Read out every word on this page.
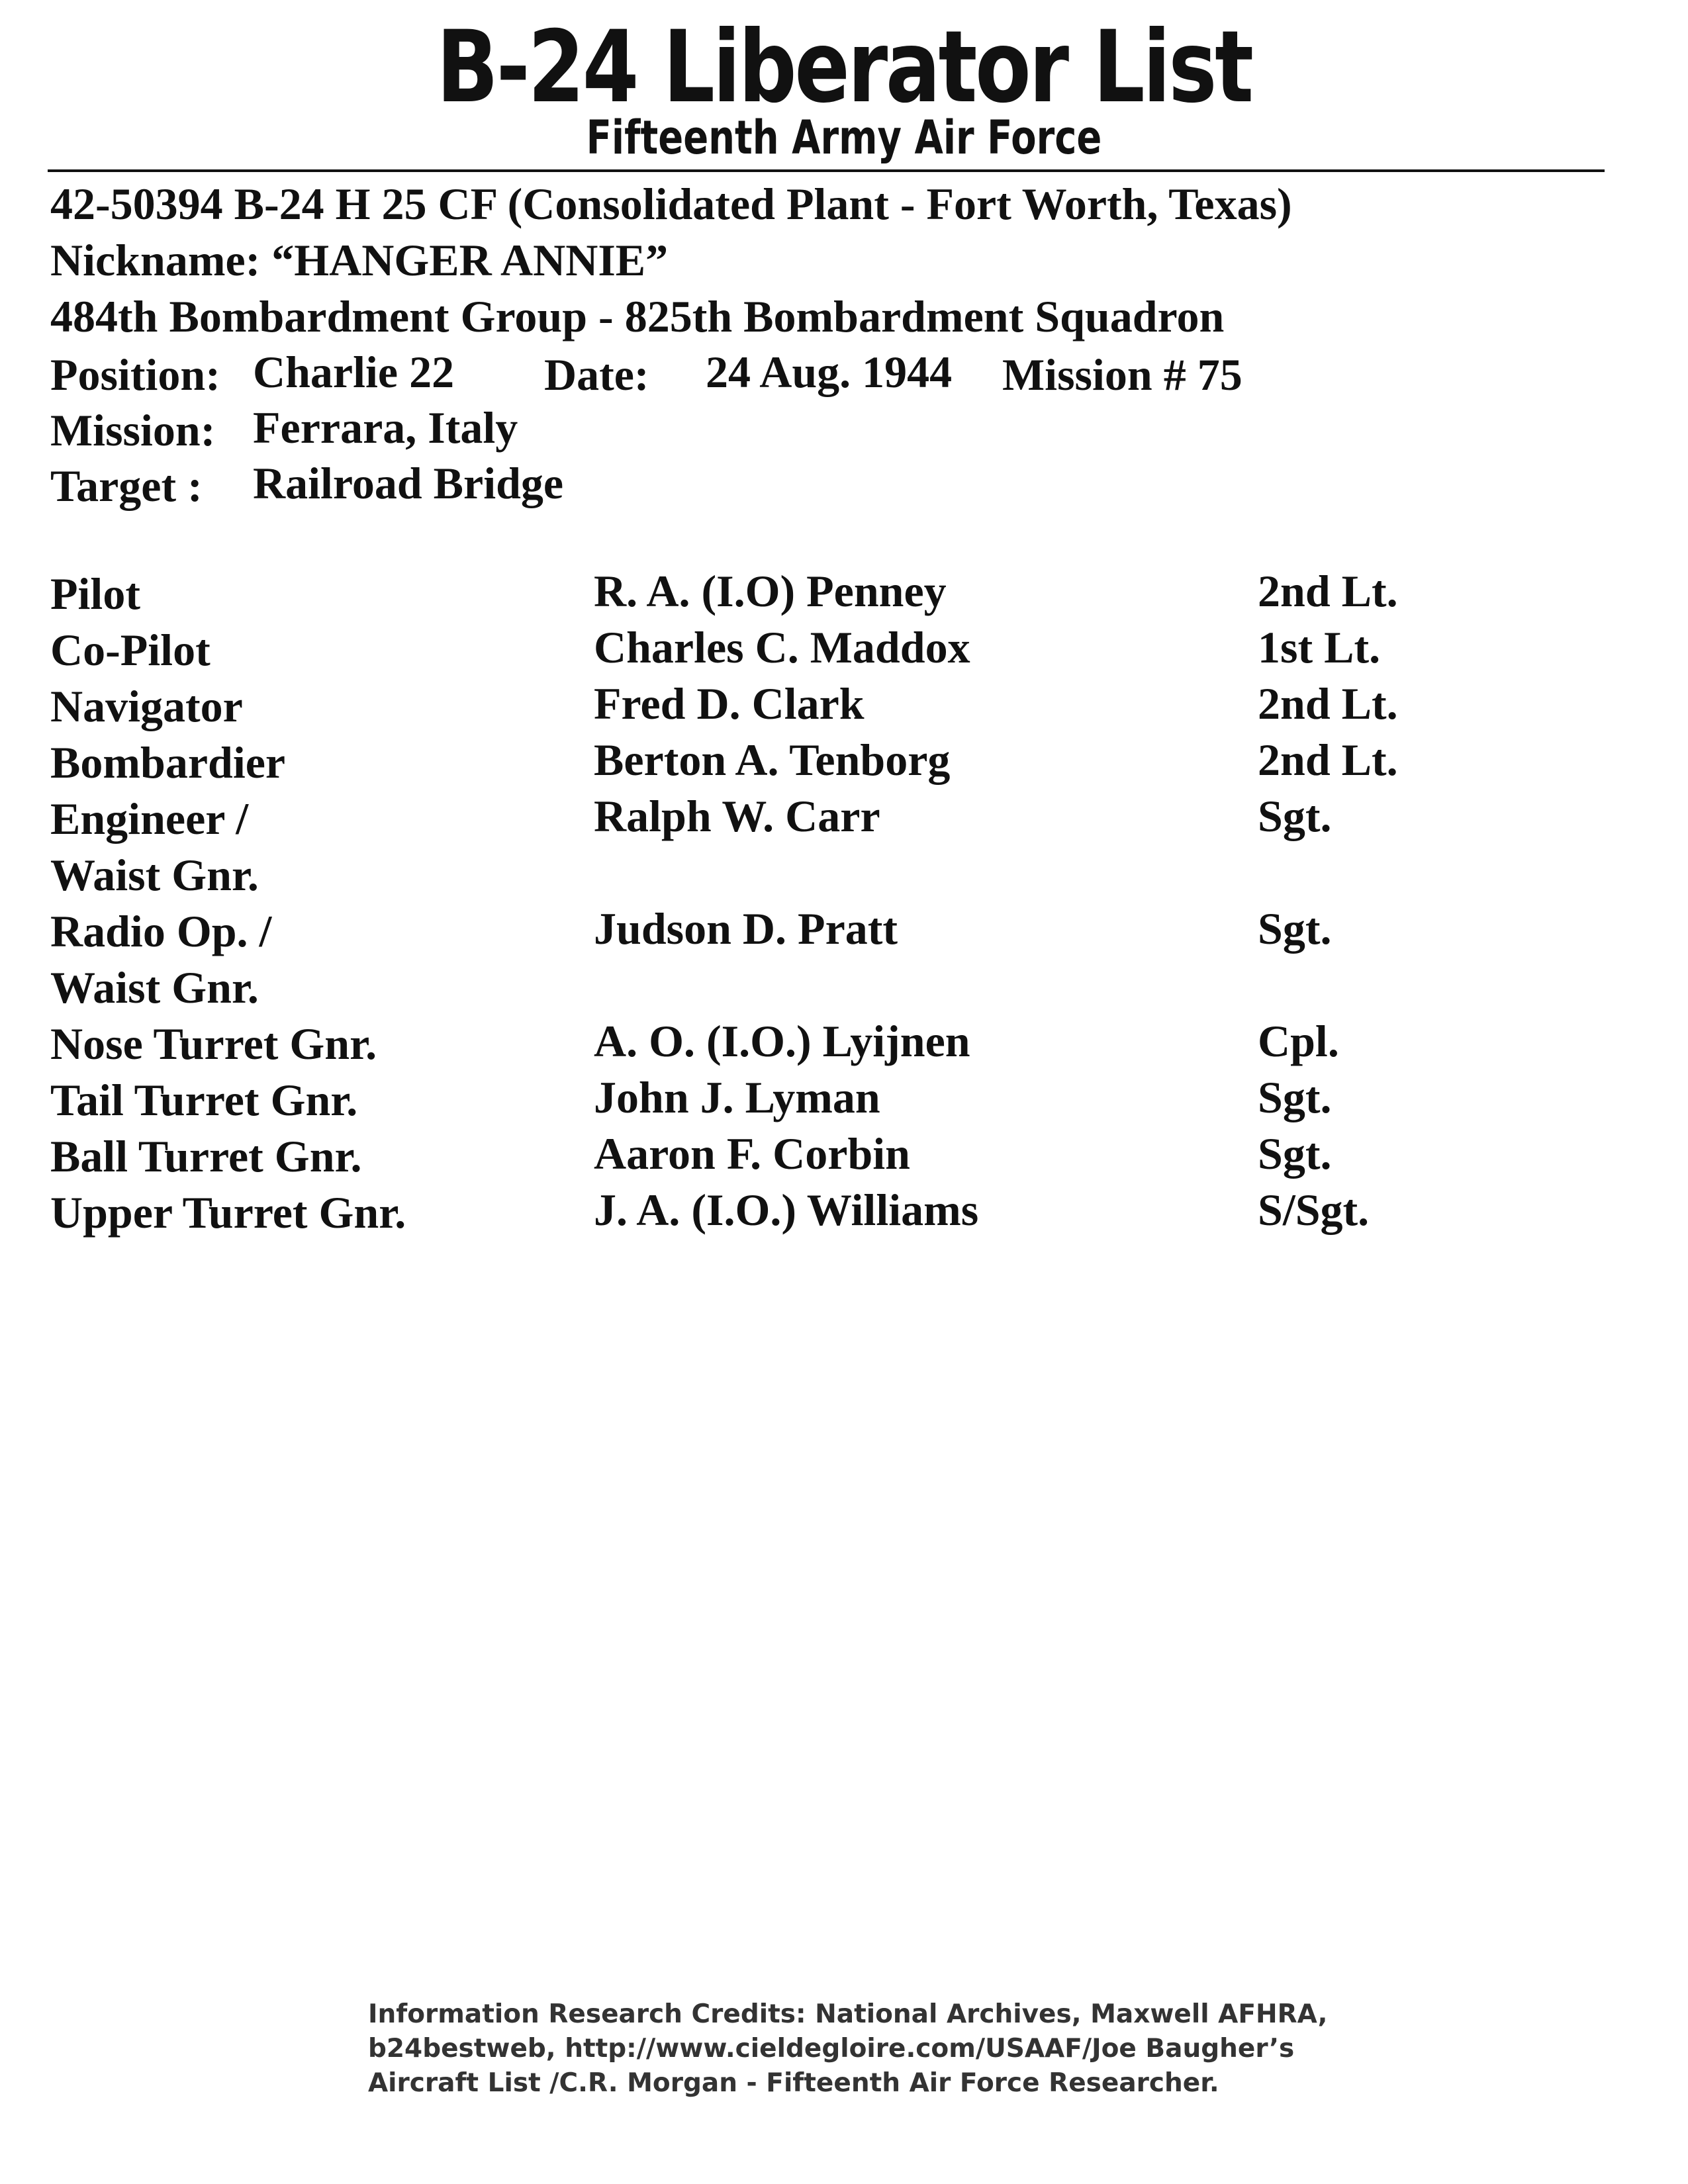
B-24 Liberator List
Fifteenth Army Air Force
42-50394 B-24 H 25 CF (Consolidated Plant - Fort Worth, Texas)
Nickname: “HANGER ANNIE”
484th Bombardment Group - 825th Bombardment Squadron
Position: Charlie 22 Date: 24 Aug. 1944 Mission # 75
Mission: Ferrara, Italy
Target : Railroad Bridge
Pilot	R. A. (I.O) Penney	2nd Lt.
Co-Pilot	Charles C. Maddox	1st Lt.
Navigator	Fred D. Clark	2nd Lt.
Bombardier	Berton A. Tenborg	2nd Lt.
Engineer /	Ralph W. Carr	Sgt.
Waist Gnr.
Radio Op. /	Judson D. Pratt	Sgt.
Waist Gnr.
Nose Turret Gnr.	A. O. (I.O.) Lyijnen	Cpl.
Tail Turret Gnr.	John J. Lyman	Sgt.
Ball Turret Gnr.	Aaron F. Corbin	Sgt.
Upper Turret Gnr.	J. A. (I.O.) Williams	S/Sgt.
Information Research Credits: National Archives, Maxwell AFHRA,
b24bestweb, http://www.cieldegloire.com/USAAF/Joe Baugher’s
Aircraft List /C.R. Morgan - Fifteenth Air Force Researcher.
